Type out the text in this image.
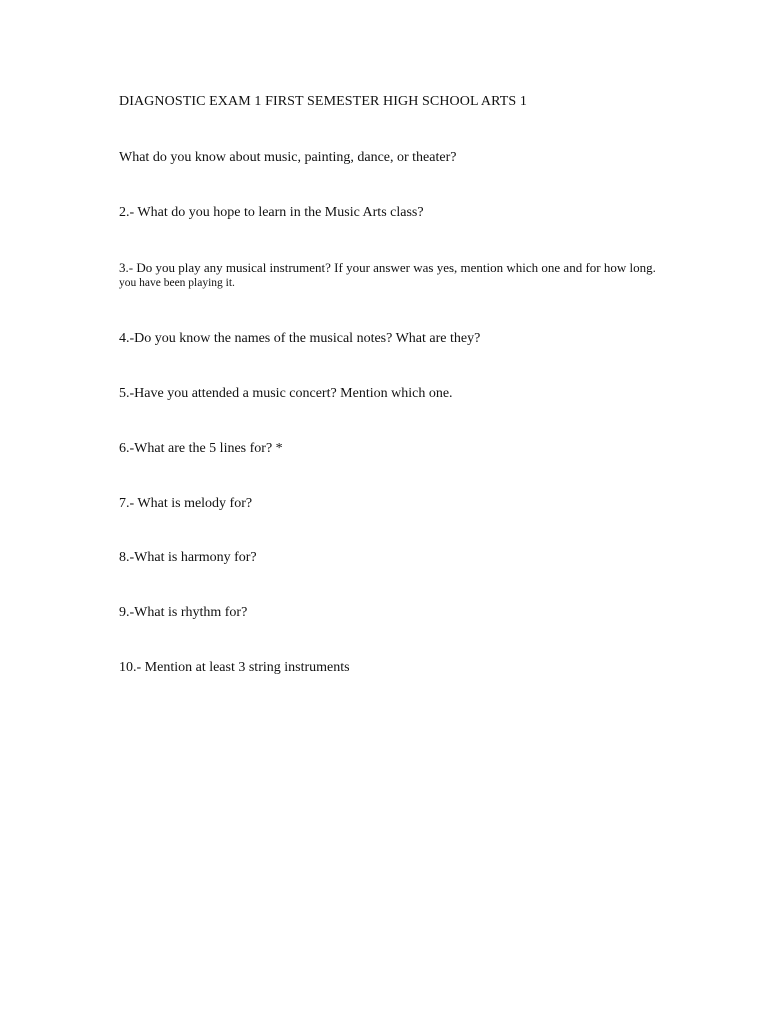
DIAGNOSTIC EXAM 1 FIRST SEMESTER HIGH SCHOOL ARTS 1
What do you know about music, painting, dance, or theater?
2.- What do you hope to learn in the Music Arts class?
3.- Do you play any musical instrument? If your answer was yes, mention which one and for how long.
you have been playing it.
4.-Do you know the names of the musical notes? What are they?
5.-Have you attended a music concert? Mention which one.
6.-What are the 5 lines for? *
7.- What is melody for?
8.-What is harmony for?
9.-What is rhythm for?
10.- Mention at least 3 string instruments
